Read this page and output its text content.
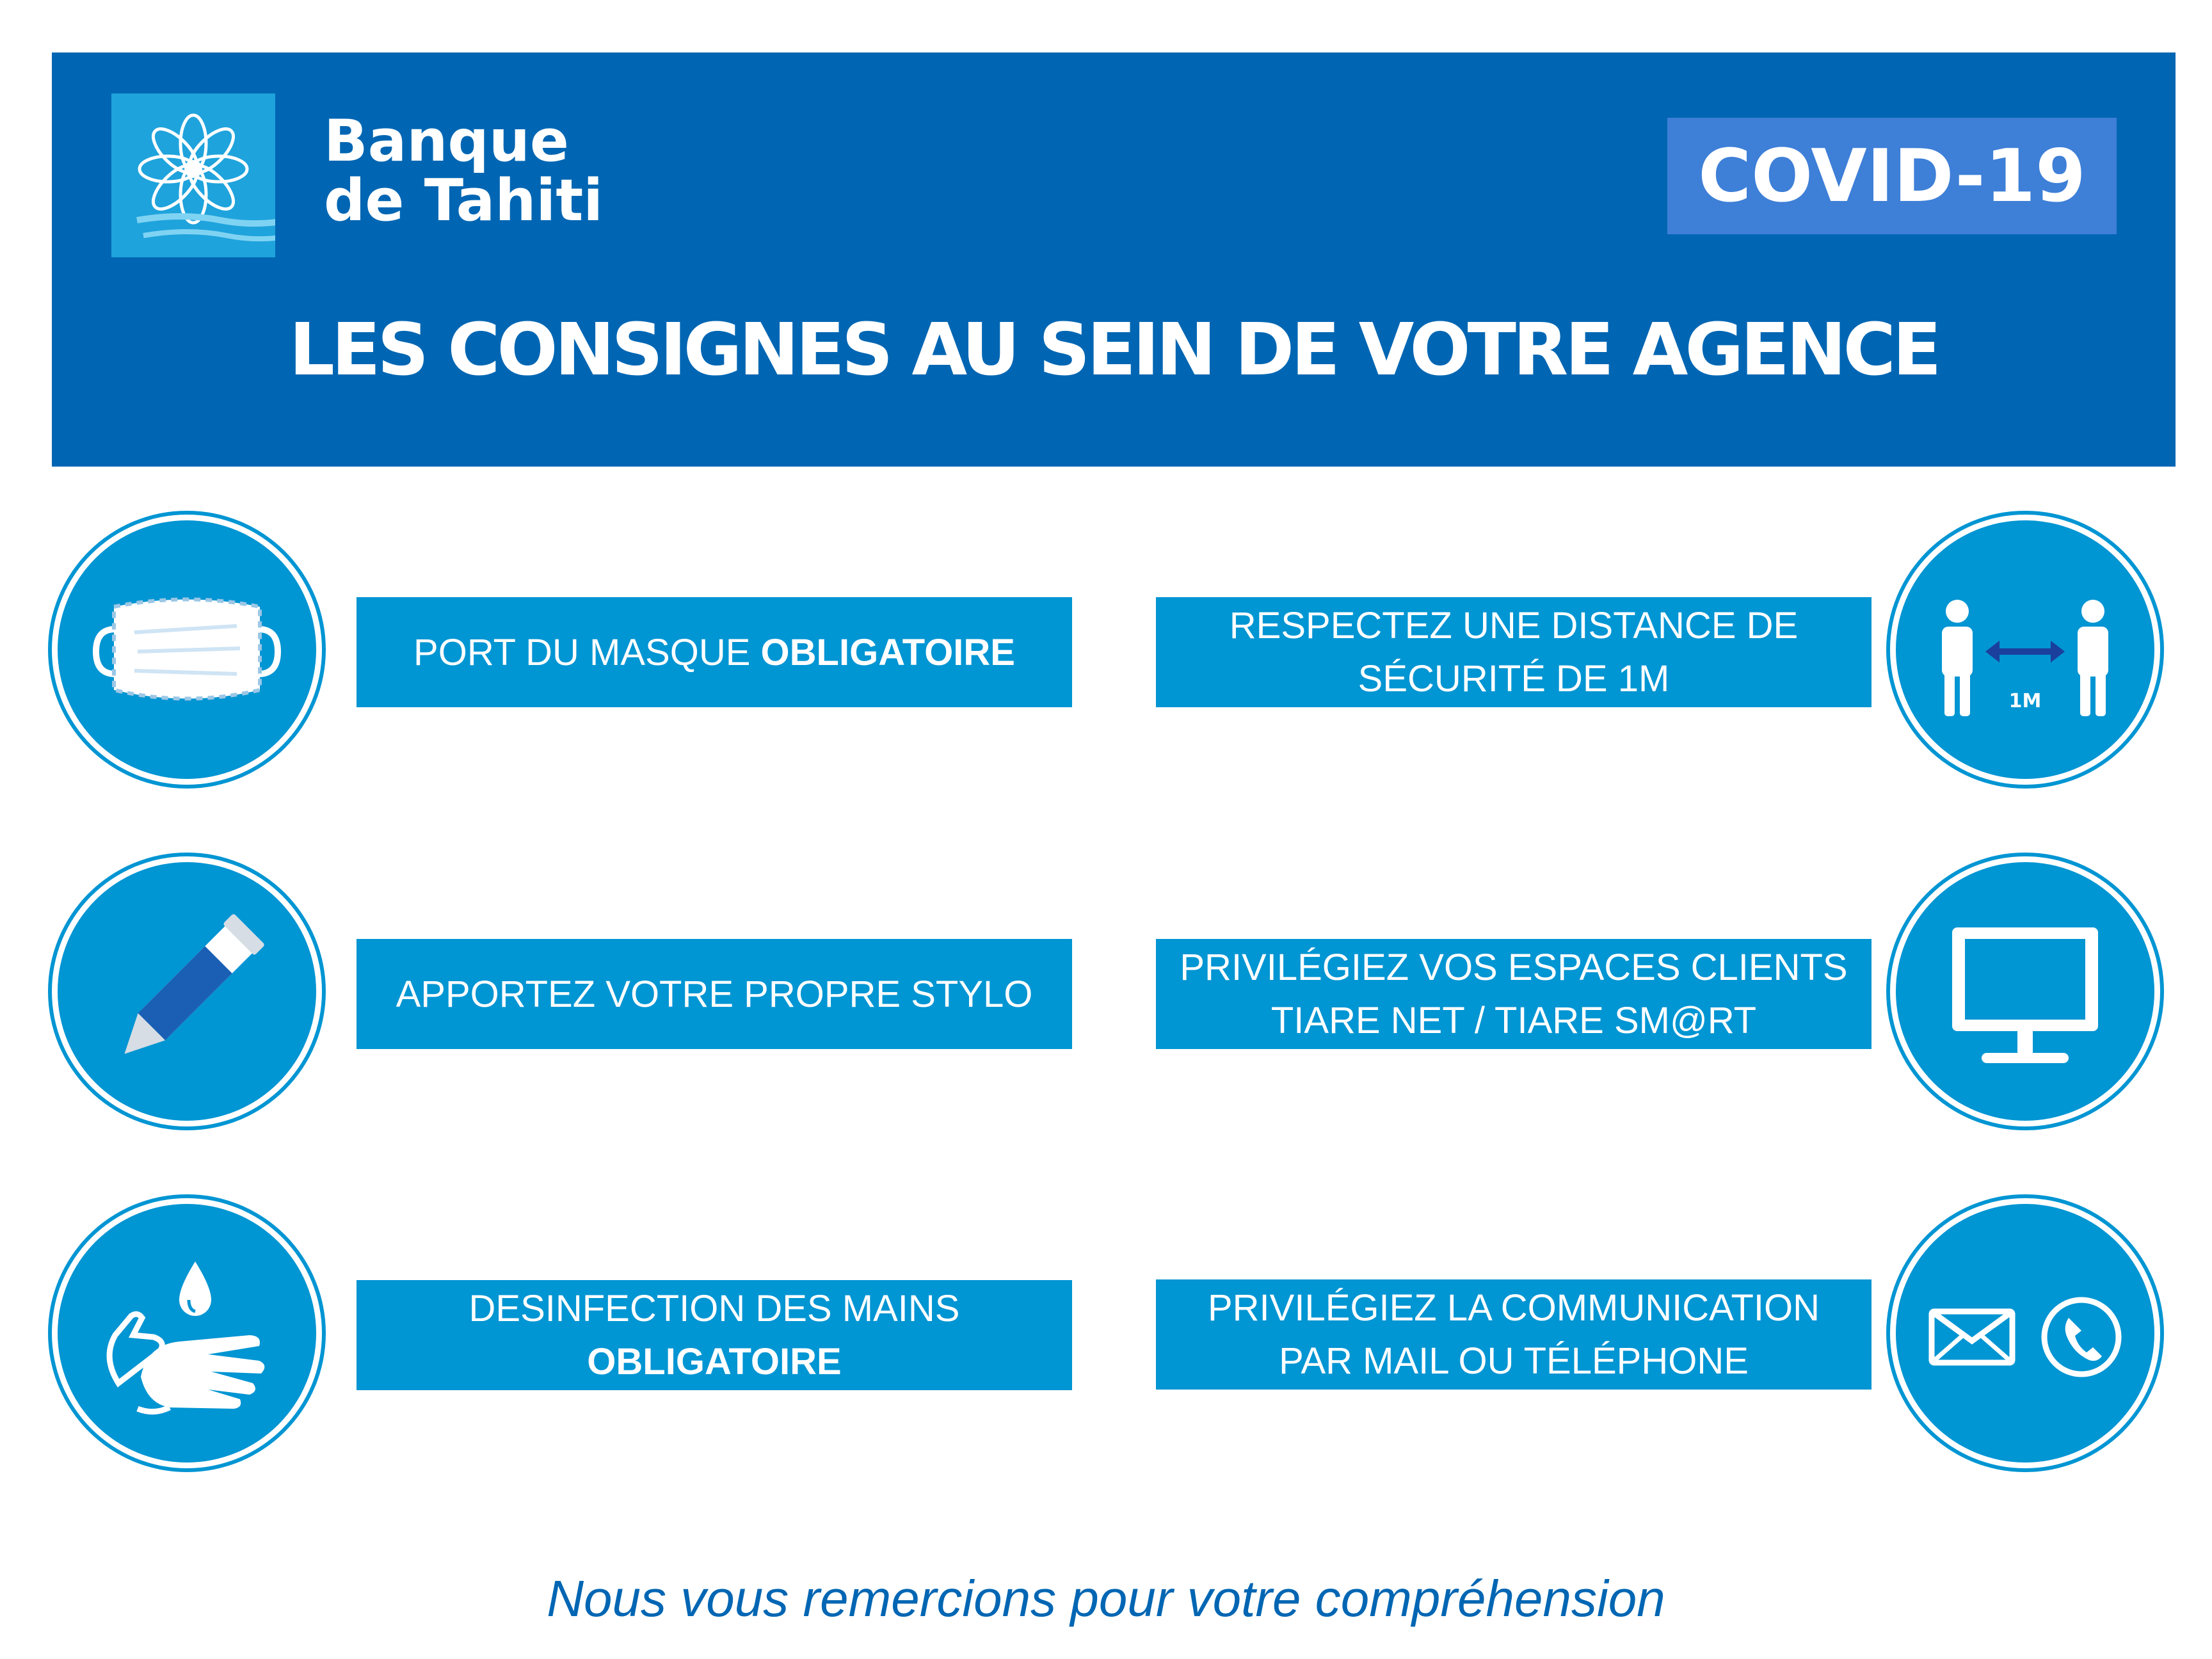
Banque
de Tahiti	COVID-19
LES CONSIGNES AU SEIN DE VOTRE AGENCE
PORT DU MASQUE OBLIGATOIRE
APPORTEZ VOTRE PROPRE STYLO
DESINFECTION DES MAINS
OBLIGATOIRE
RESPECTEZ UNE DISTANCE DE
SÉCURITÉ DE 1M
1M
PRIVILÉGIEZ VOS ESPACES CLIENTS
TIARE NET / TIARE SM@RT
PRIVILÉGIEZ LA COMMUNICATION
PAR MAIL OU TÉLÉPHONE
Nous vous remercions pour votre compréhension
